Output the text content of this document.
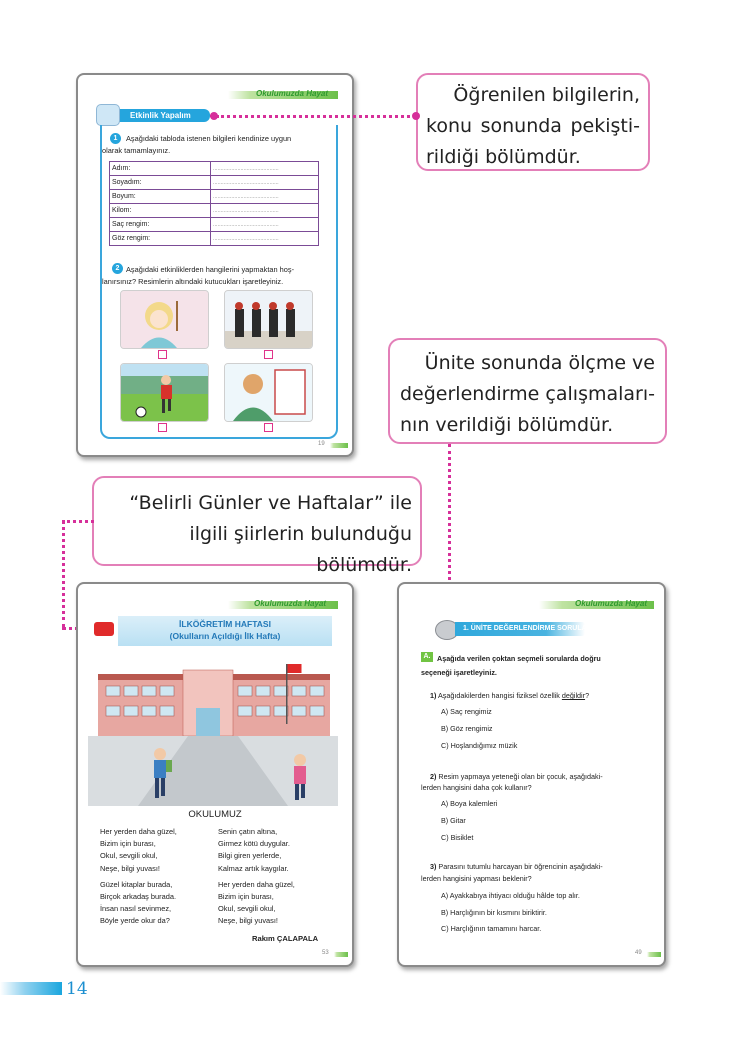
Okulumuzda Hayat
Etkinlik Yapalım
1	Aşağıdaki tabloda istenen bilgileri kendinize uygun
olarak tamamlayınız.
Adım:	...........................................
Soyadım:	...........................................
Boyum:	...........................................
Kilom:	...........................................
Saç rengim:	...........................................
Göz rengim:	...........................................
2 Aşağıdaki etkinliklerden hangilerini yapmaktan hoş-
lanırsınız? Resimlerin altındaki kutucukları işaretleyiniz.
19
Öğrenilen bilgilerin,
konu sonunda pekişti-
rildiği bölümdür.
Ünite sonunda ölçme ve
değerlendirme çalışmaları-
nın verildiği bölümdür.
“Belirli Günler ve Haftalar” ile
ilgili şiirlerin bulunduğu bölümdür.
Okulumuzda Hayat
İLKÖĞRETİM HAFTASI
(Okulların Açıldığı İlk Hafta)
OKULUMUZ
Her yerden daha güzel,
Bizim için burası,
Okul, sevgili okul,
Neşe, bilgi yuvası!
Güzel kitaplar burada,
Birçok arkadaş burada.
İnsan nasıl sevinmez,
Böyle yerde okur da?
Senin çatın altına,
Girmez kötü duygular.
Bilgi giren yerlerde,
Kalmaz artık kaygılar.
Her yerden daha güzel,
Bizim için burası,
Okul, sevgili okul,
Neşe, bilgi yuvası!
Rakım ÇALAPALA
53
Okulumuzda Hayat
1. ÜNİTE DEĞERLENDİRME SORULARI
A. Aşağıda verilen çoktan seçmeli sorularda doğru
seçeneği işaretleyiniz.
1) Aşağıdakilerden hangisi fiziksel özellik değildir?
A) Saç rengimiz
B) Göz rengimiz
C) Hoşlandığımız müzik
2) Resim yapmaya yeteneği olan bir çocuk, aşağıdaki-
lerden hangisini daha çok kullanır?
A) Boya kalemleri
B) Gitar
C) Bisiklet
3) Parasını tutumlu harcayan bir öğrencinin aşağıdaki-
lerden hangisini yapması beklenir?
A) Ayakkabıya ihtiyacı olduğu hâlde top alır.
B) Harçlığının bir kısmını biriktirir.
C) Harçlığının tamamını harcar.
49
14
